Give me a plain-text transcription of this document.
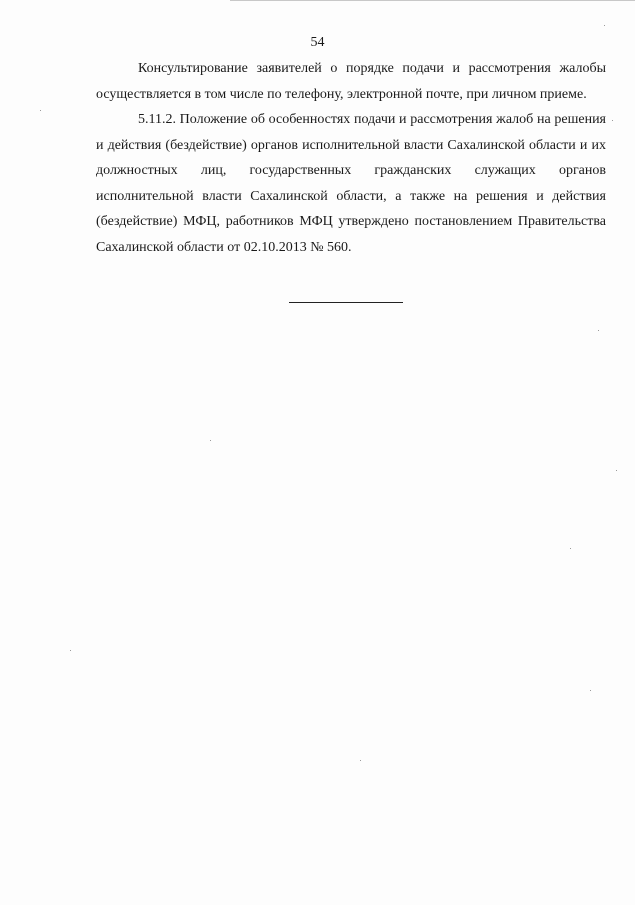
54

Консультирование заявителей о порядке подачи и рассмотрения жалобы осуществляется в том числе по телефону, электронной почте, при личном приеме.

5.11.2. Положение об особенностях подачи и рассмотрения жалоб на решения и действия (бездействие) органов исполнительной власти Сахалинской области и их должностных лиц, государственных гражданских служащих органов исполнительной власти Сахалинской области, а также на решения и действия (бездействие) МФЦ, работников МФЦ утверждено постановлением Правительства Сахалинской области от 02.10.2013 № 560.
